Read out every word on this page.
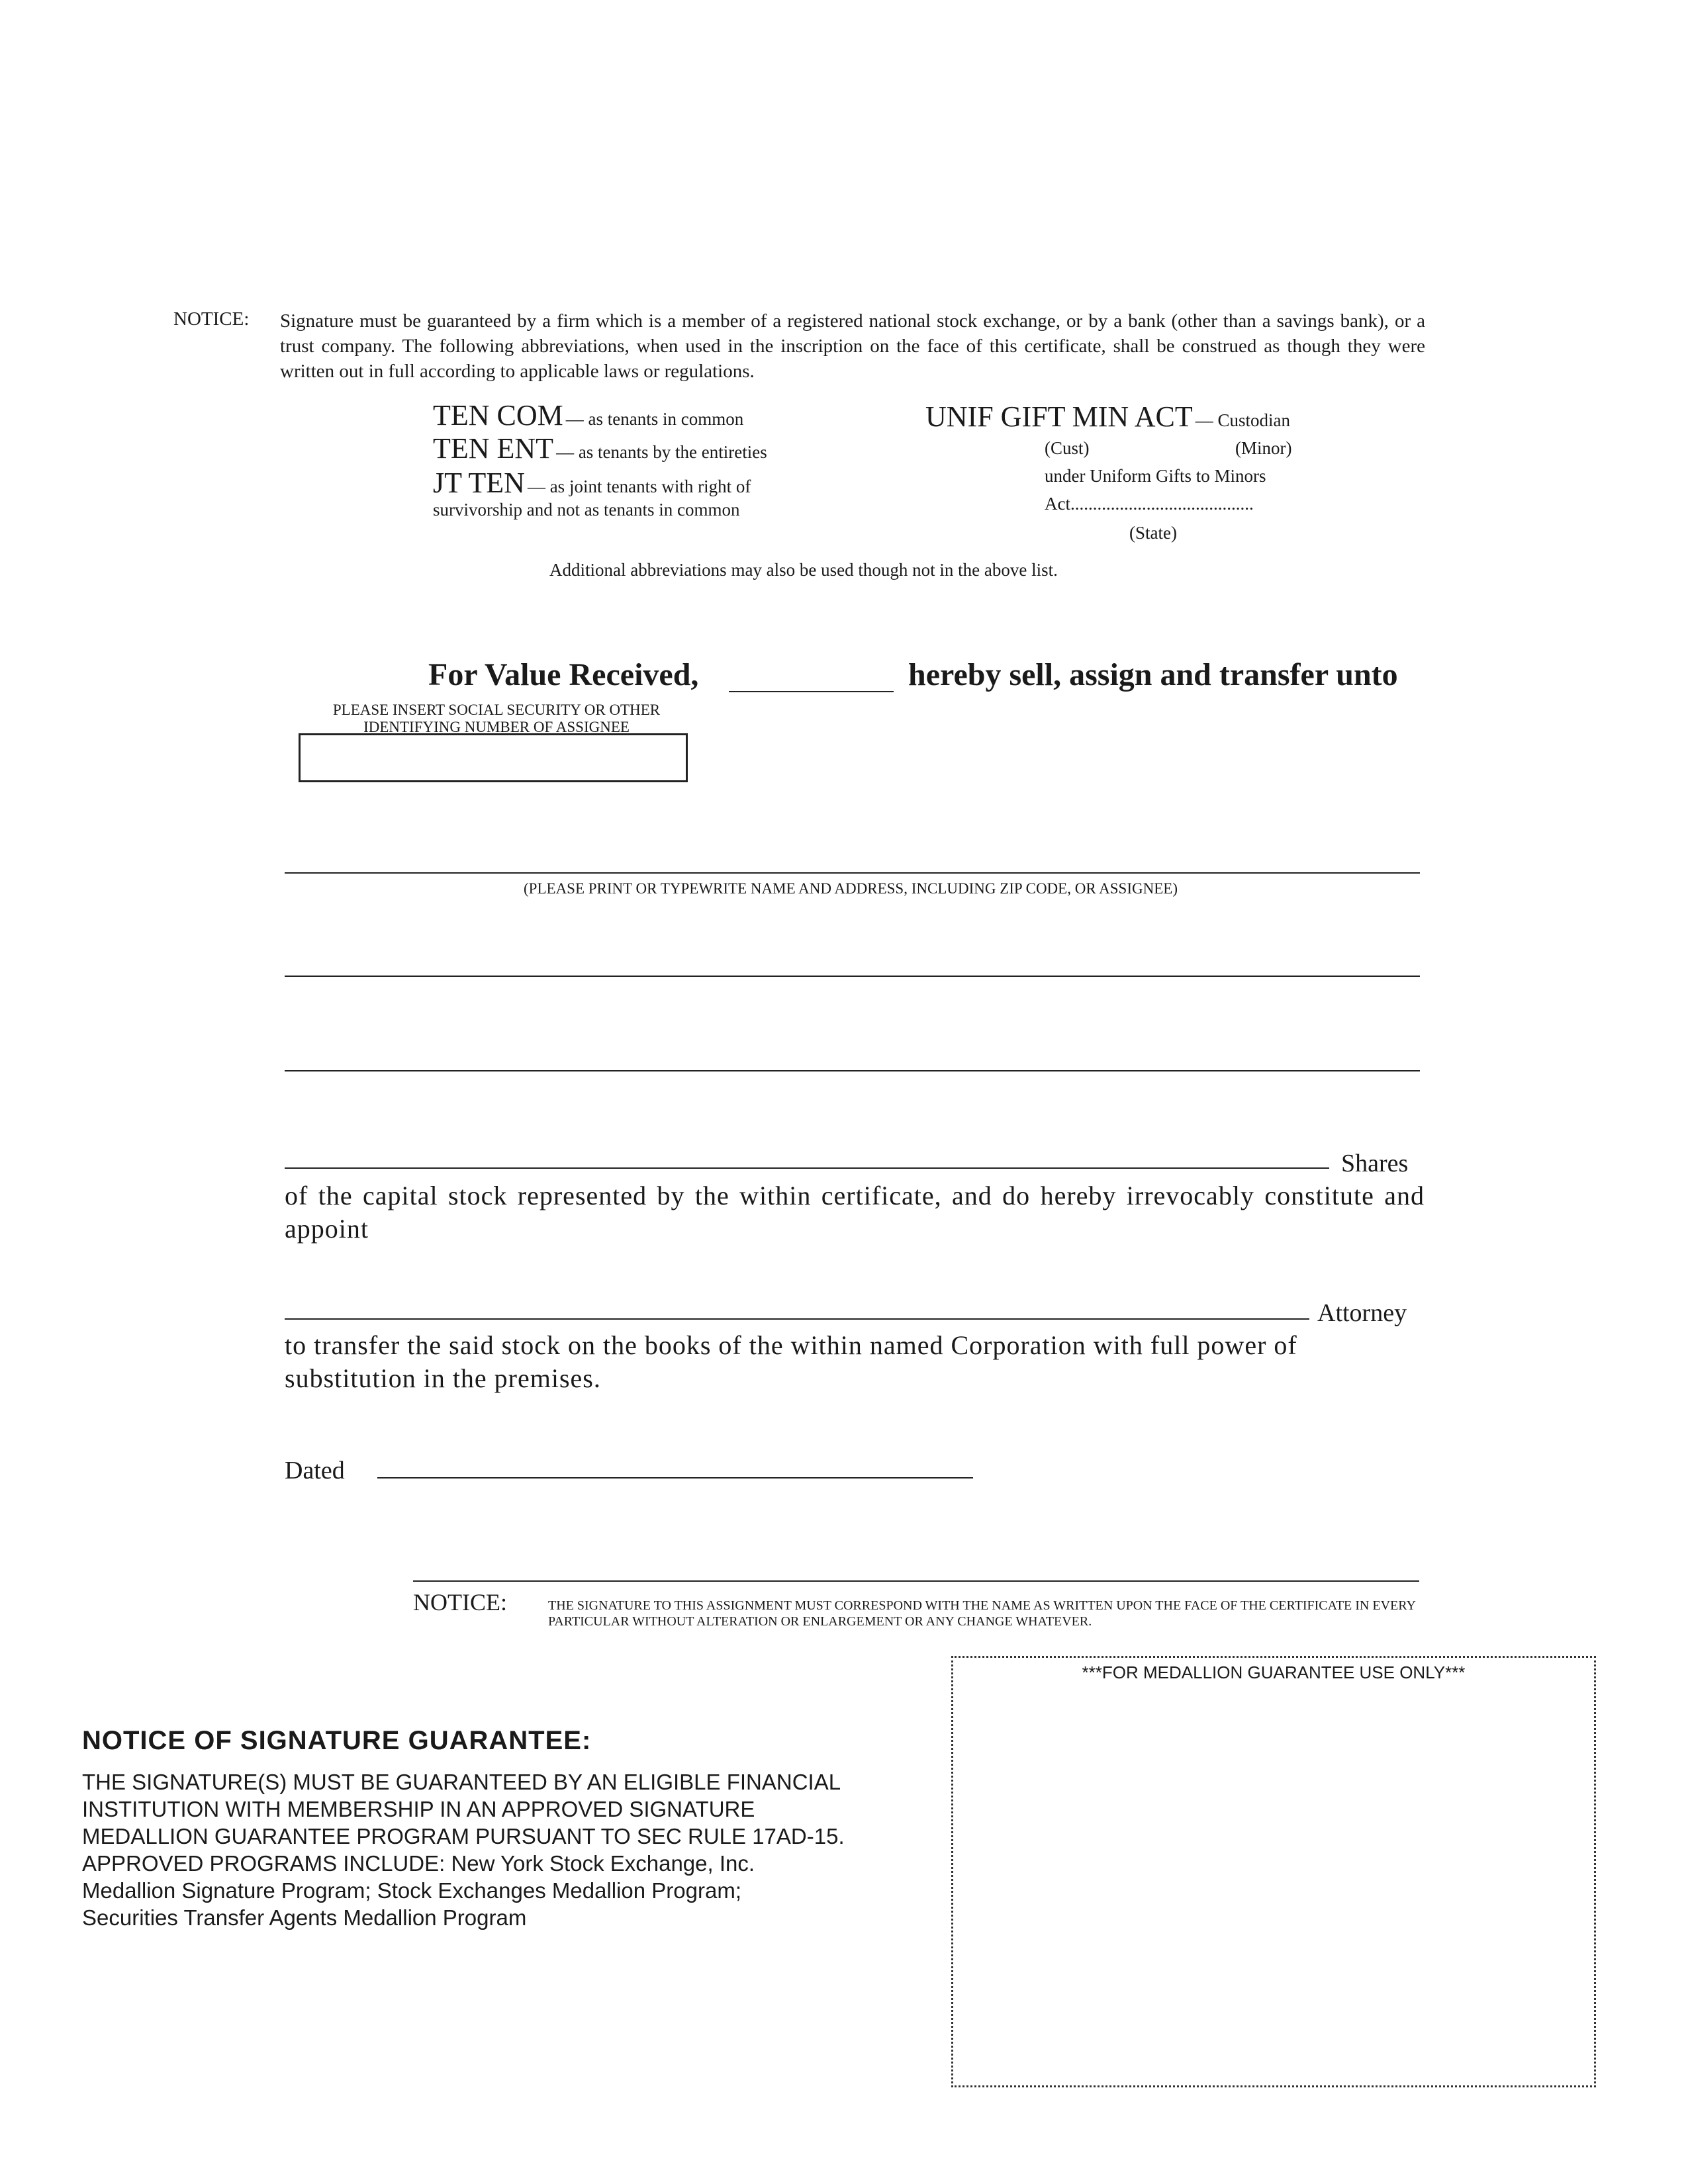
NOTICE: Signature must be guaranteed by a firm which is a member of a registered national stock exchange, or by a bank (other than a savings bank), or a trust company. The following abbreviations, when used in the inscription on the face of this certificate, shall be construed as though they were written out in full according to applicable laws or regulations.
TEN COM — as tenants in common
TEN ENT — as tenants by the entireties
JT TEN — as joint tenants with right of
survivorship and not as tenants in common
UNIF GIFT MIN ACT — Custodian
(Cust)	(Minor)
under Uniform Gifts to Minors
Act.........................................
(State)
Additional abbreviations may also be used though not in the above list.
For Value Received,	hereby sell, assign and transfer unto
PLEASE INSERT SOCIAL SECURITY OR OTHER IDENTIFYING NUMBER OF ASSIGNEE
(PLEASE PRINT OR TYPEWRITE NAME AND ADDRESS, INCLUDING ZIP CODE, OR ASSIGNEE)
Shares
of the capital stock represented by the within certificate, and do hereby irrevocably constitute and appoint
Attorney
to transfer the said stock on the books of the within named Corporation with full power of substitution in the premises.
Dated
NOTICE:	THE SIGNATURE TO THIS ASSIGNMENT MUST CORRESPOND WITH THE NAME AS WRITTEN UPON THE FACE OF THE CERTIFICATE IN EVERY PARTICULAR WITHOUT ALTERATION OR ENLARGEMENT OR ANY CHANGE WHATEVER.
NOTICE OF SIGNATURE GUARANTEE:
THE SIGNATURE(S) MUST BE GUARANTEED BY AN ELIGIBLE FINANCIAL
INSTITUTION WITH MEMBERSHIP IN AN APPROVED SIGNATURE
MEDALLION GUARANTEE PROGRAM PURSUANT TO SEC RULE 17AD-15.
APPROVED PROGRAMS INCLUDE: New York Stock Exchange, Inc.
Medallion Signature Program; Stock Exchanges Medallion Program;
Securities Transfer Agents Medallion Program
***FOR MEDALLION GUARANTEE USE ONLY***
